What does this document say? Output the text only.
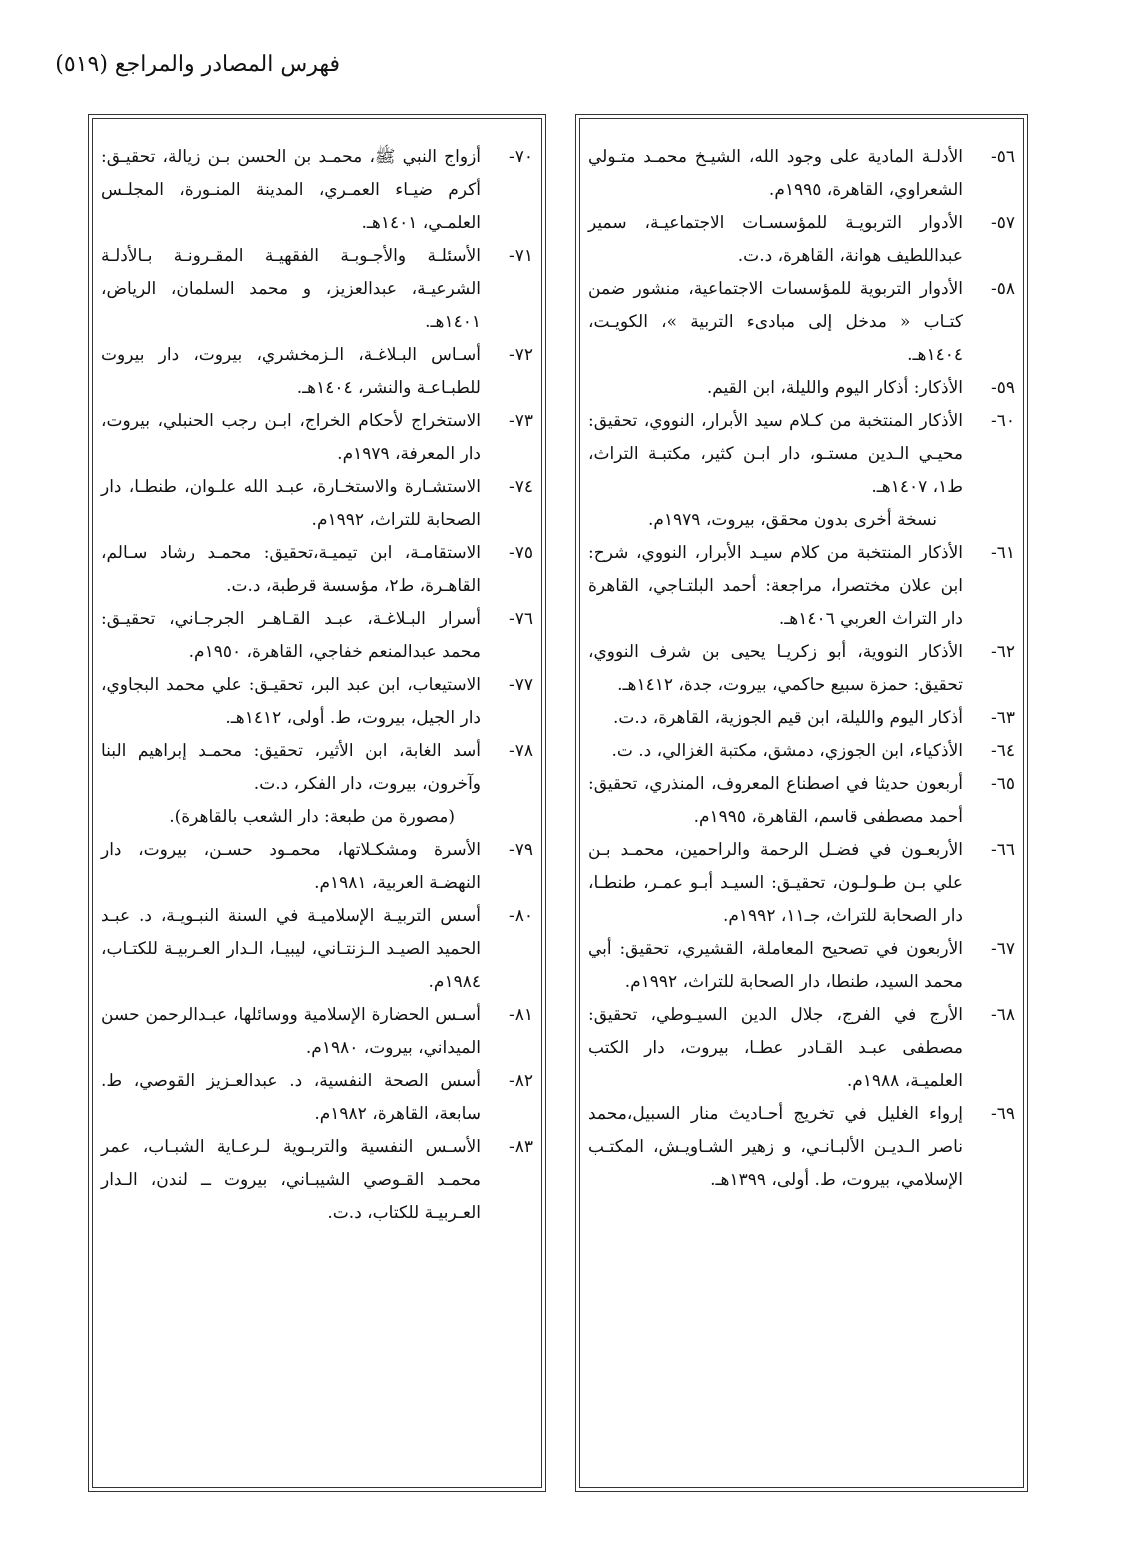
فهرس المصادر والمراجع (٥١٩)
٥٦-
الأدلـة المادية على وجود الله، الشيـخ محمـد متـولي الشعراوي، القاهرة، ١٩٩٥م.
٥٧-
الأدوار التربويـة للمؤسسـات الاجتماعيـة، سمير عبداللطيف هوانة، القاهرة، د.ت.
٥٨-
الأدوار التربوية للمؤسسات الاجتماعية، منشور ضمن كتـاب « مدخل إلى مبادىء التربية »، الكويـت، ١٤٠٤هـ.
٥٩-
الأذكار: أذكار اليوم والليلة، ابن القيم.
٦٠-
الأذكار المنتخبة من كـلام سيد الأبرار، النووي، تحقيق: محيـي الـدين مستـو، دار ابـن كثير، مكتبـة التراث، ط١، ١٤٠٧هـ.
نسخة أخرى بدون محقق، بيروت، ١٩٧٩م.
٦١-
الأذكار المنتخبة من كلام سيـد الأبرار، النووي، شرح: ابن علان مختصرا، مراجعة: أحمد البلتـاجي، القاهرة دار التراث العربي ١٤٠٦هـ.
٦٢-
الأذكار النووية، أبو زكريـا يحيى بن شرف النووي، تحقيق: حمزة سبيع حاكمي، بيروت، جدة، ١٤١٢هـ.
٦٣-
أذكار اليوم والليلة، ابن قيم الجوزية، القاهرة، د.ت.
٦٤-
الأذكياء، ابن الجوزي، دمشق، مكتبة الغزالي، د. ت.
٦٥-
أربعون حديثا في اصطناع المعروف، المنذري، تحقيق: أحمد مصطفى قاسم، القاهرة، ١٩٩٥م.
٦٦-
الأربعـون في فضـل الرحمة والراحمين، محمـد بـن علي بـن طـولـون، تحقيـق: السيـد أبـو عمـر، طنطـا، دار الصحابة للتراث، جـ١١، ١٩٩٢م.
٦٧-
الأربعون في تصحيح المعاملة، القشيري، تحقيق: أبي محمد السيد، طنطا، دار الصحابة للتراث، ١٩٩٢م.
٦٨-
الأرج في الفرج، جلال الدين السيـوطي، تحقيق: مصطفى عبـد القـادر عطـا، بيروت، دار الكتب العلميـة، ١٩٨٨م.
٦٩-
إرواء الغليل في تخريج أحـاديث منار السبيل،محمد ناصر الـديـن الألبـانـي، و زهير الشـاويـش، المكتـب الإسلامي، بيروت، ط. أولى، ١٣٩٩هـ.
٧٠-
أزواج النبي ﷺ، محمـد بن الحسن بـن زيالة، تحقيـق: أكرم ضيـاء العمـري، المدينة المنـورة، المجلـس العلمـي، ١٤٠١هـ.
٧١-
الأسئلـة والأجـوبـة الفقهيـة المقـرونـة بـالأدلـة الشرعيـة، عبدالعزيز، و محمد السلمان، الرياض، ١٤٠١هـ.
٧٢-
أسـاس البـلاغـة، الـزمخشري، بيروت، دار بيروت للطبـاعـة والنشر، ١٤٠٤هـ.
٧٣-
الاستخراج لأحكام الخراج، ابـن رجب الحنبلي، بيروت، دار المعرفة، ١٩٧٩م.
٧٤-
الاستشـارة والاستخـارة، عبـد الله علـوان، طنطـا، دار الصحابة للتراث، ١٩٩٢م.
٧٥-
الاستقامـة، ابن تيميـة،تحقيق: محمـد رشاد سـالم، القاهـرة، ط٢، مؤسسة قرطبة، د.ت.
٧٦-
أسرار البـلاغـة، عبـد القـاهـر الجرجـاني، تحقيـق: محمد عبدالمنعم خفاجي، القاهرة، ١٩٥٠م.
٧٧-
الاستيعاب، ابن عبد البر، تحقيـق: علي محمد البجاوي، دار الجيل، بيروت، ط. أولى، ١٤١٢هـ.
٧٨-
أسد الغابة، ابن الأثير، تحقيق: محمـد إبراهيم البنا وآخرون، بيروت، دار الفكر، د.ت.
(مصورة من طبعة: دار الشعب بالقاهرة).
٧٩-
الأسرة ومشكـلاتها، محمـود حسـن، بيروت، دار النهضـة العربية، ١٩٨١م.
٨٠-
أسس التربيـة الإسلاميـة في السنة النبـويـة، د. عبـد الحميد الصيـد الـزنتـاني، ليبيـا، الـدار العـربيـة للكتـاب، ١٩٨٤م.
٨١-
أسـس الحضارة الإسلامية ووسائلها، عبـدالرحمن حسن الميداني، بيروت، ١٩٨٠م.
٨٢-
أسس الصحة النفسية، د. عبدالعـزيز القوصي، ط. سابعة، القاهرة، ١٩٨٢م.
٨٣-
الأسـس النفسية والتربـوية لـرعـاية الشبـاب، عمر محمـد القـوصي الشيبـاني، بيروت ــ لندن، الـدار العـربيـة للكتاب، د.ت.
